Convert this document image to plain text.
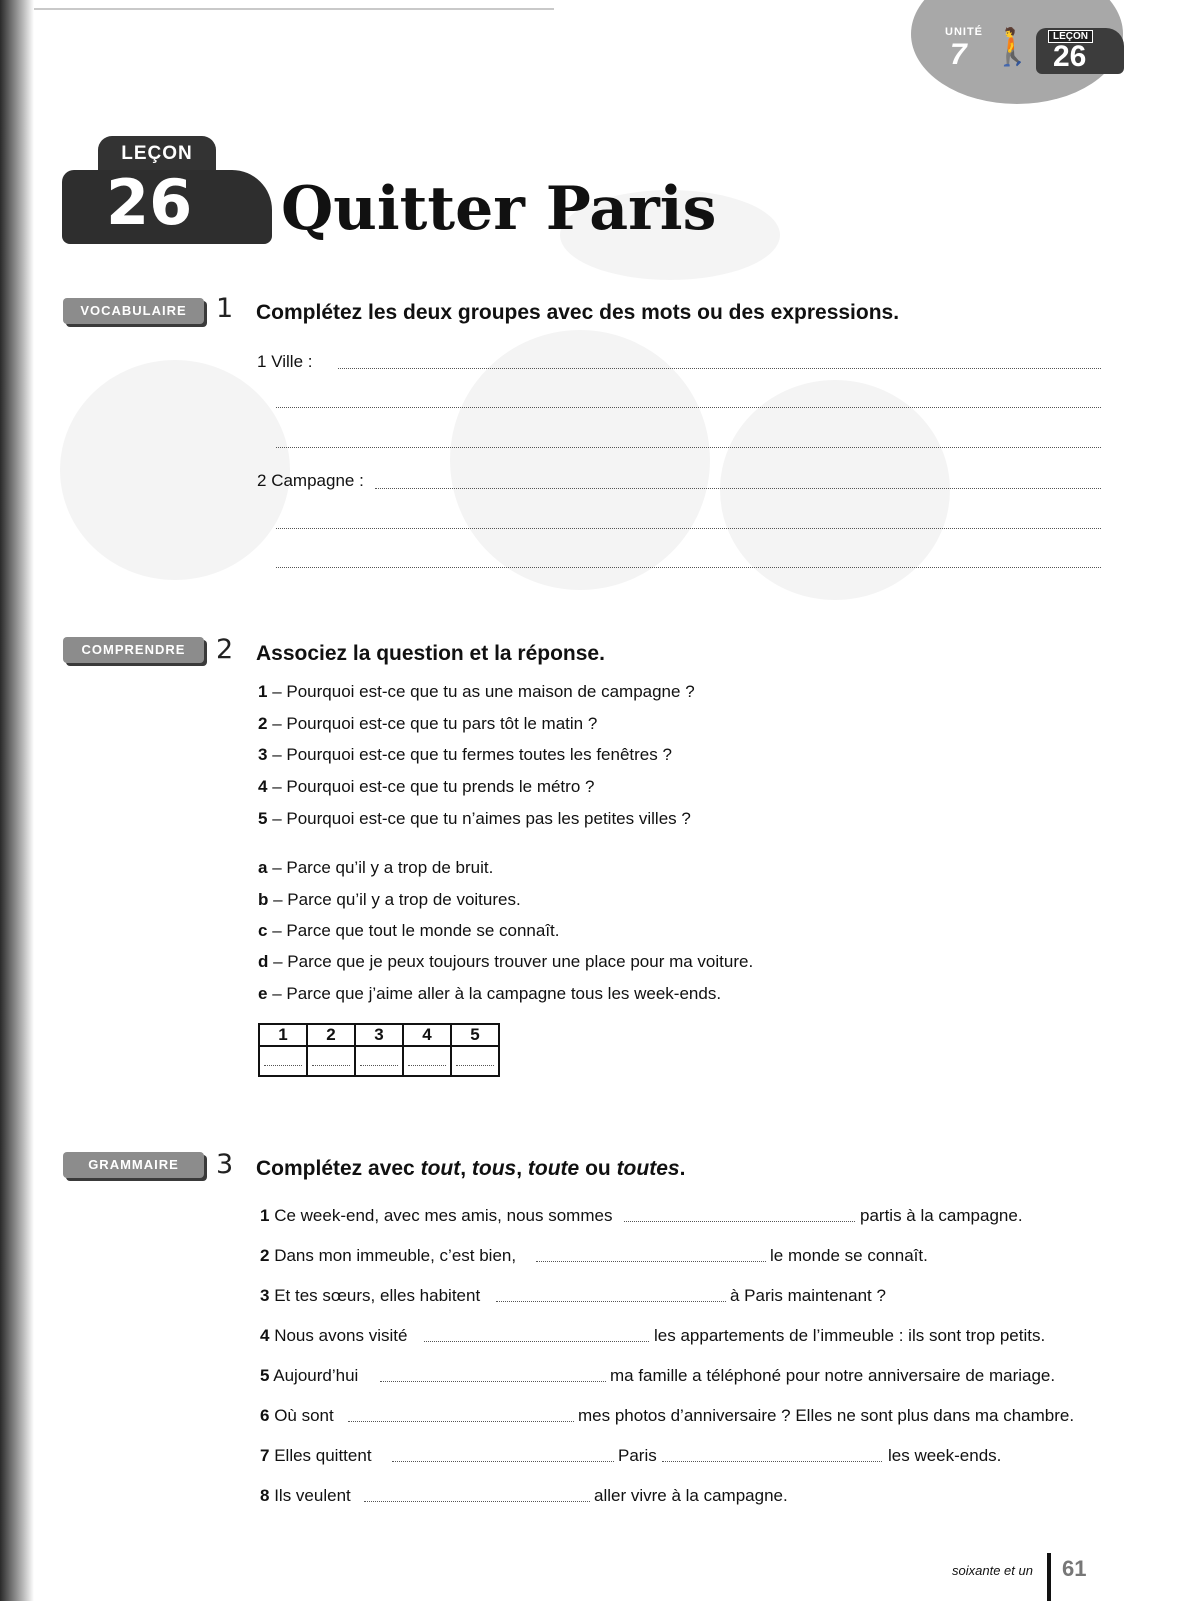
UNITÉ
7 🚶	LEÇON
26
LEÇON
26 Quitter Paris
VOCABULAIRE	1 Complétez les deux groupes avec des mots ou des expressions.
1 Ville :
2 Campagne :
COMPRENDRE	2 Associez la question et la réponse.
1 – Pourquoi est-ce que tu as une maison de campagne ?
2 – Pourquoi est-ce que tu pars tôt le matin ?
3 – Pourquoi est-ce que tu fermes toutes les fenêtres ?
4 – Pourquoi est-ce que tu prends le métro ?
5 – Pourquoi est-ce que tu n’aimes pas les petites villes ?
a – Parce qu’il y a trop de bruit.
b – Parce qu’il y a trop de voitures.
c – Parce que tout le monde se connaît.
d – Parce que je peux toujours trouver une place pour ma voiture.
e – Parce que j’aime aller à la campagne tous les week-ends.
1	2	3	4	5

GRAMMAIRE	3 Complétez avec tout, tous, toute ou toutes.
1 Ce week-end, avec mes amis, nous sommes	partis à la campagne.
2 Dans mon immeuble, c’est bien,	le monde se connaît.
3 Et tes sœurs, elles habitent	à Paris maintenant ?
4 Nous avons visité	les appartements de l’immeuble : ils sont trop petits.
5 Aujourd’hui	ma famille a téléphoné pour notre anniversaire de mariage.
6 Où sont	mes photos d’anniversaire ? Elles ne sont plus dans ma chambre.
7 Elles quittent	Paris	les week-ends.
8 Ils veulent	aller vivre à la campagne.
soixante et un 61
